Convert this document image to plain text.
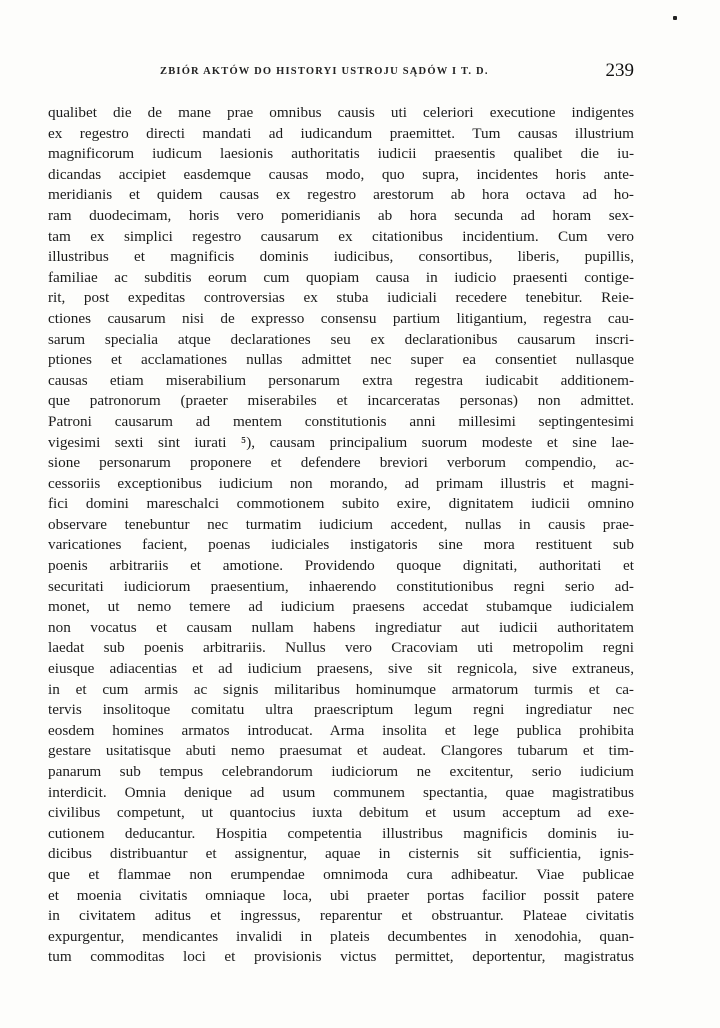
ZBIÓR AKTÓW DO HISTORYI USTROJU SĄDÓW I T. D.	239
qualibet die de mane prae omnibus causis uti celeriori executione indigentes
ex regestro directi mandati ad iudicandum praemittet. Tum causas illustrium
magnificorum iudicum laesionis authoritatis iudicii praesentis qualibet die iu-
dicandas accipiet easdemque causas modo, quo supra, incidentes horis ante-
meridianis et quidem causas ex regestro arestorum ab hora octava ad ho-
ram duodecimam, horis vero pomeridianis ab hora secunda ad horam sex-
tam ex simplici regestro causarum ex citationibus incidentium. Cum vero
illustribus et magnificis dominis iudicibus, consortibus, liberis, pupillis,
familiae ac subditis eorum cum quopiam causa in iudicio praesenti contige-
rit, post expeditas controversias ex stuba iudiciali recedere tenebitur. Reie-
ctiones causarum nisi de expresso consensu partium litigantium, regestra cau-
sarum specialia atque declarationes seu ex declarationibus causarum inscri-
ptiones et acclamationes nullas admittet nec super ea consentiet nullasque
causas etiam miserabilium personarum extra regestra iudicabit additionem-
que patronorum (praeter miserabiles et incarceratas personas) non admittet.
Patroni causarum ad mentem constitutionis anni millesimi septingentesimi
vigesimi sexti sint iurati ⁵), causam principalium suorum modeste et sine lae-
sione personarum proponere et defendere breviori verborum compendio, ac-
cessoriis exceptionibus iudicium non morando, ad primam illustris et magni-
fici domini mareschalci commotionem subito exire, dignitatem iudicii omnino
observare tenebuntur nec turmatim iudicium accedent, nullas in causis prae-
varicationes facient, poenas iudiciales instigatoris sine mora restituent sub
poenis arbitrariis et amotione. Providendo quoque dignitati, authoritati et
securitati iudiciorum praesentium, inhaerendo constitutionibus regni serio ad-
monet, ut nemo temere ad iudicium praesens accedat stubamque iudicialem
non vocatus et causam nullam habens ingrediatur aut iudicii authoritatem
laedat sub poenis arbitrariis. Nullus vero Cracoviam uti metropolim regni
eiusque adiacentias et ad iudicium praesens, sive sit regnicola, sive extraneus,
in et cum armis ac signis militaribus hominumque armatorum turmis et ca-
tervis insolitoque comitatu ultra praescriptum legum regni ingrediatur nec
eosdem homines armatos introducat. Arma insolita et lege publica prohibita
gestare usitatisque abuti nemo praesumat et audeat. Clangores tubarum et tim-
panarum sub tempus celebrandorum iudiciorum ne excitentur, serio iudicium
interdicit. Omnia denique ad usum communem spectantia, quae magistratibus
civilibus competunt, ut quantocius iuxta debitum et usum acceptum ad exe-
cutionem deducantur. Hospitia competentia illustribus magnificis dominis iu-
dicibus distribuantur et assignentur, aquae in cisternis sit sufficientia, ignis-
que et flammae non erumpendae omnimoda cura adhibeatur. Viae publicae
et moenia civitatis omniaque loca, ubi praeter portas facilior possit patere
in civitatem aditus et ingressus, reparentur et obstruantur. Plateae civitatis
expurgentur, mendicantes invalidi in plateis decumbentes in xenodohia, quan-
tum commoditas loci et provisionis victus permittet, deportentur, magistratus
